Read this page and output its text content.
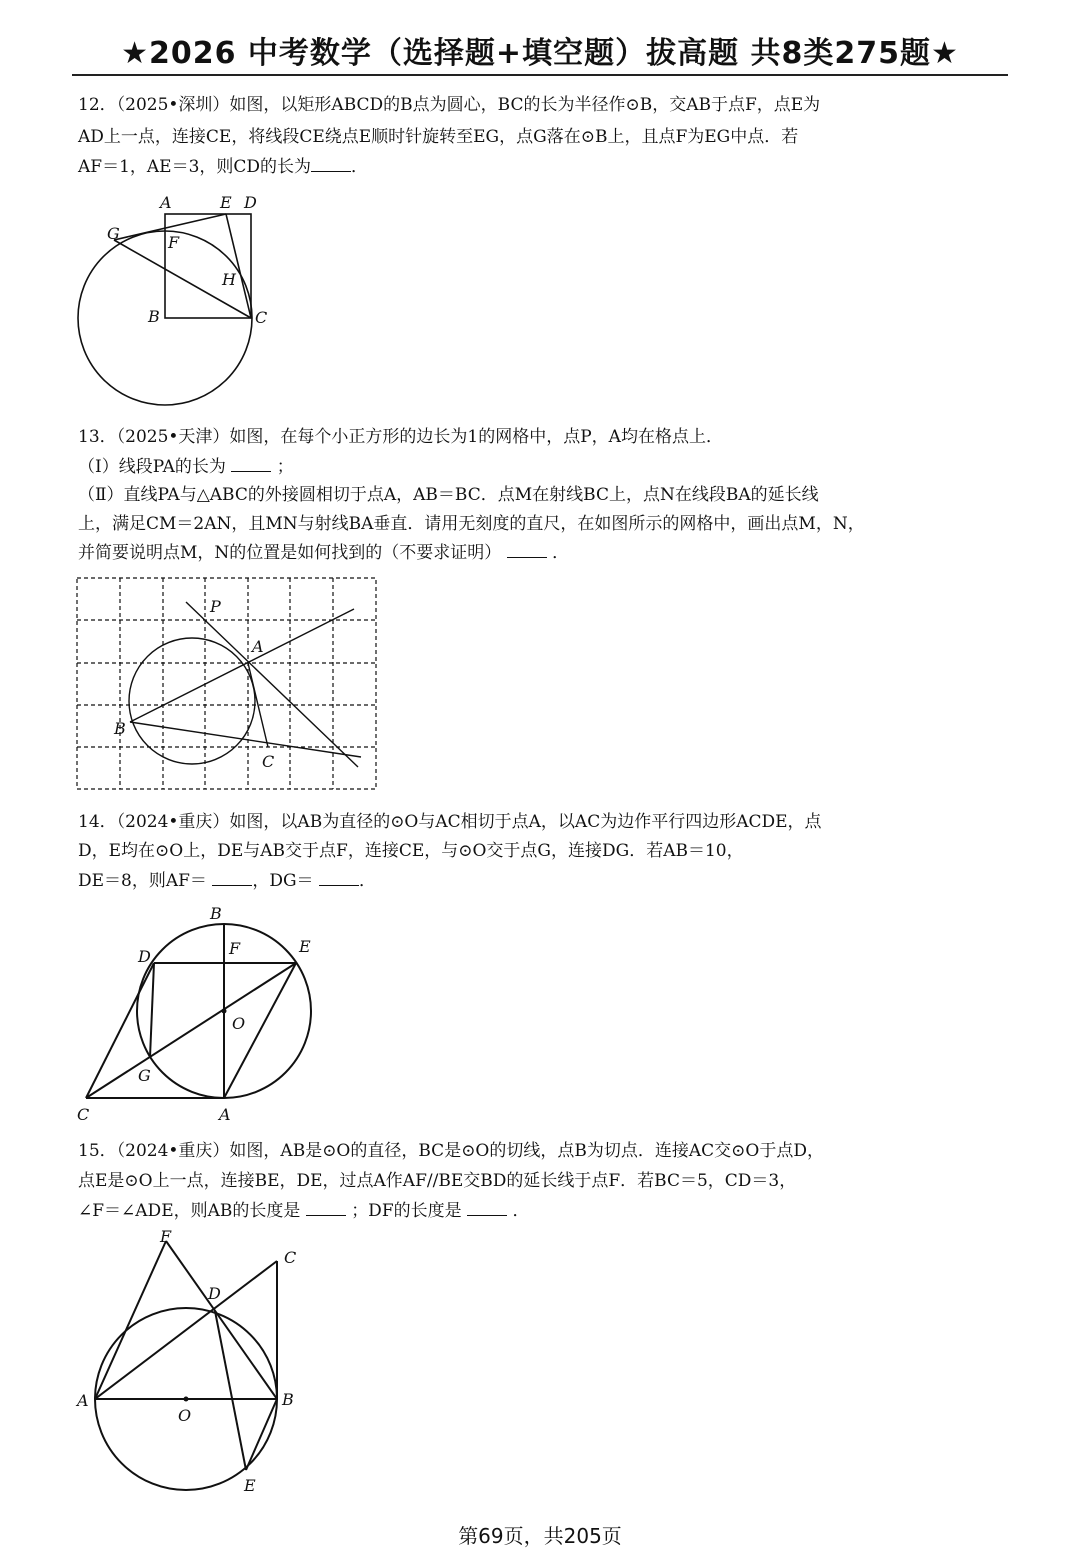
★2026 中考数学（选择题+填空题）拔高题 共8类275题★
12．（2025•深圳）如图，以矩形ABCD的B点为圆心，BC的长为半径作⊙B，交AB于点F，点E为
AD上一点，连接CE，将线段CE绕点E顺时针旋转至EG，点G落在⊙B上，且点F为EG中点．若
AF＝1，AE＝3，则CD的长为 ．
A	E D
G	F
H
B	C
13．（2025•天津）如图，在每个小正方形的边长为1的网格中，点P，A均在格点上．
（Ⅰ）线段PA的长为	；
（Ⅱ）直线PA与△ABC的外接圆相切于点A，AB＝BC．点M在射线BC上，点N在线段BA的延长线
上，满足CM＝2AN，且MN与射线BA垂直．请用无刻度的直尺，在如图所示的网格中，画出点M，N，
并简要说明点M，N的位置是如何找到的（不要求证明）	．
P
A
B
C
14．（2024•重庆）如图，以AB为直径的⊙O与AC相切于点A，以AC为边作平行四边形ACDE，点
D，E均在⊙O上，DE与AB交于点F，连接CE，与⊙O交于点G，连接DG．若AB＝10，
DE＝8，则AF＝	，DG＝	．
B
D	F	E
O
G
C	A
15．（2024•重庆）如图，AB是⊙O的直径，BC是⊙O的切线，点B为切点．连接AC交⊙O于点D，
点E是⊙O上一点，连接BE，DE，过点A作AF//BE交BD的延长线于点F．若BC＝5，CD＝3，
∠F＝∠ADE，则AB的长度是	；DF的长度是	．
F
C
D
A	B
O
E
第69页，共205页
